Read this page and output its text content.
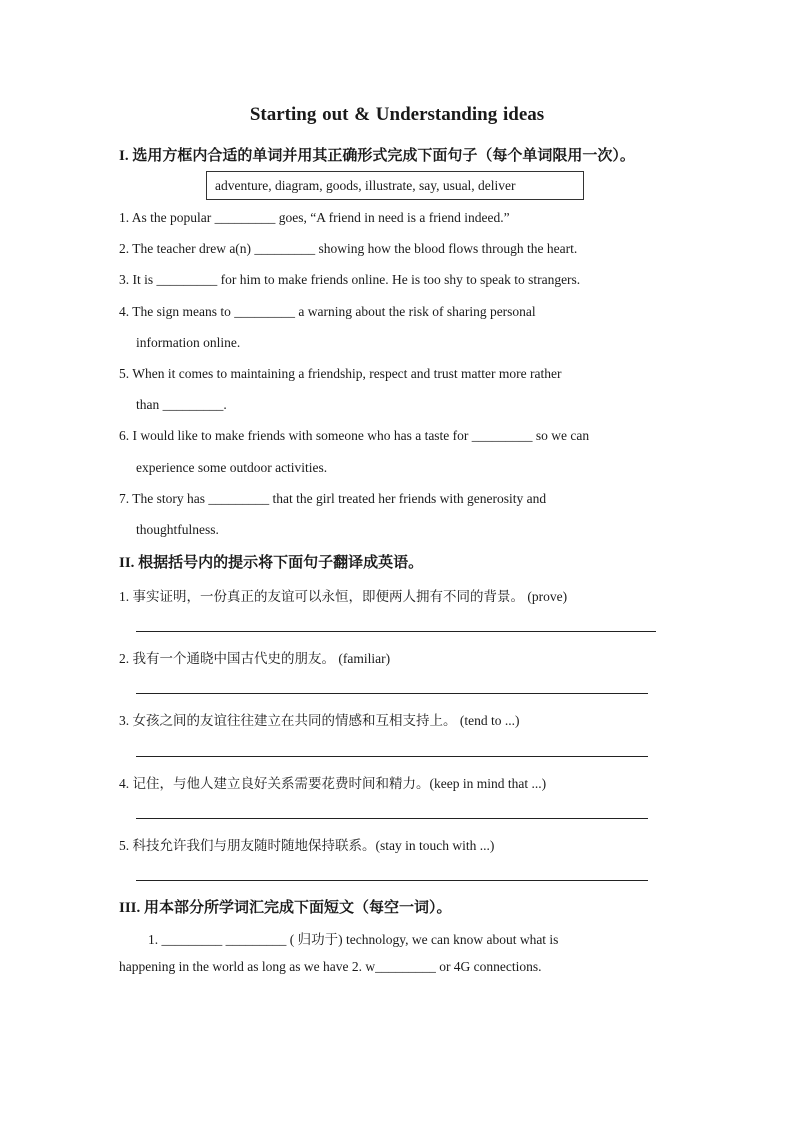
Starting out & Understanding ideas
I. 选用方框内合适的单词并用其正确形式完成下面句子（每个单词限用一次）。
adventure, diagram, goods, illustrate, say, usual, deliver
1. As the popular _________ goes, “A friend in need is a friend indeed.”
2. The teacher drew a(n) _________ showing how the blood flows through the heart.
3. It is _________ for him to make friends online. He is too shy to speak to strangers.
4. The sign means to _________ a warning about the risk of sharing personal
information online.
5. When it comes to maintaining a friendship, respect and trust matter more rather
than _________.
6. I would like to make friends with someone who has a taste for _________ so we can
experience some outdoor activities.
7. The story has _________ that the girl treated her friends with generosity and
thoughtfulness.
II. 根据括号内的提示将下面句子翻译成英语。
1. 事实证明，一份真正的友谊可以永恒，即便两人拥有不同的背景。 (prove)
2. 我有一个通晓中国古代史的朋友。 (familiar)
3. 女孩之间的友谊往往建立在共同的情感和互相支持上。 (tend to ...)
4. 记住，与他人建立良好关系需要花费时间和精力。(keep in mind that ...)
5. 科技允许我们与朋友随时随地保持联系。(stay in touch with ...)
III. 用本部分所学词汇完成下面短文（每空一词）。
1. _________ _________ ( 归功于) technology, we can know about what is
happening in the world as long as we have 2. w_________ or 4G connections.
